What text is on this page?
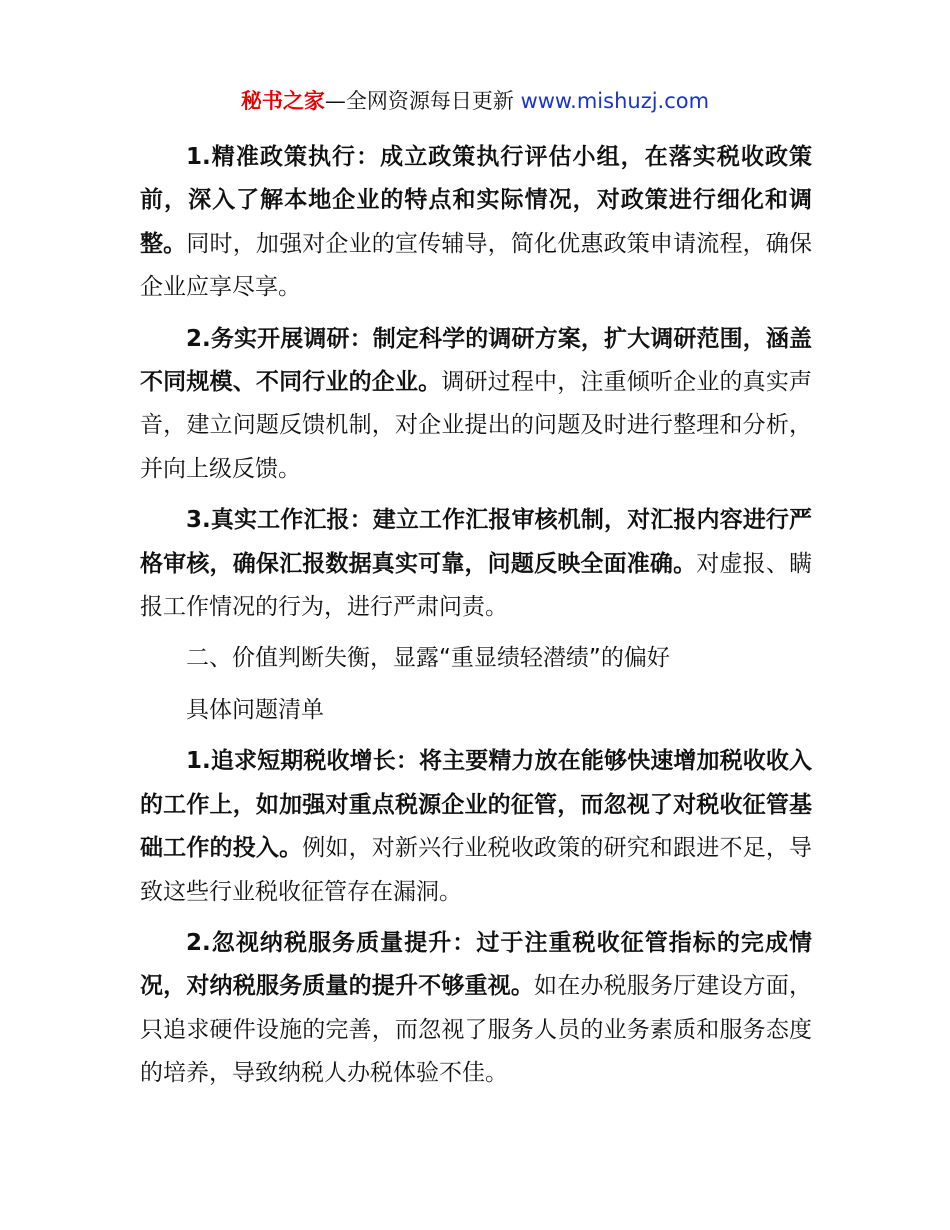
秘书之家—全网资源每日更新 www.mishuzj.com

1.精准政策执行：成立政策执行评估小组，在落实税收政策前，深入了解本地企业的特点和实际情况，对政策进行细化和调整。同时，加强对企业的宣传辅导，简化优惠政策申请流程，确保企业应享尽享。

2.务实开展调研：制定科学的调研方案，扩大调研范围，涵盖不同规模、不同行业的企业。调研过程中，注重倾听企业的真实声音，建立问题反馈机制，对企业提出的问题及时进行整理和分析，并向上级反馈。

3.真实工作汇报：建立工作汇报审核机制，对汇报内容进行严格审核，确保汇报数据真实可靠，问题反映全面准确。对虚报、瞒报工作情况的行为，进行严肃问责。

二、价值判断失衡，显露“重显绩轻潜绩”的偏好

具体问题清单

1.追求短期税收增长：将主要精力放在能够快速增加税收收入的工作上，如加强对重点税源企业的征管，而忽视了对税收征管基础工作的投入。例如，对新兴行业税收政策的研究和跟进不足，导致这些行业税收征管存在漏洞。

2.忽视纳税服务质量提升：过于注重税收征管指标的完成情况，对纳税服务质量的提升不够重视。如在办税服务厅建设方面，只追求硬件设施的完善，而忽视了服务人员的业务素质和服务态度的培养，导致纳税人办税体验不佳。
